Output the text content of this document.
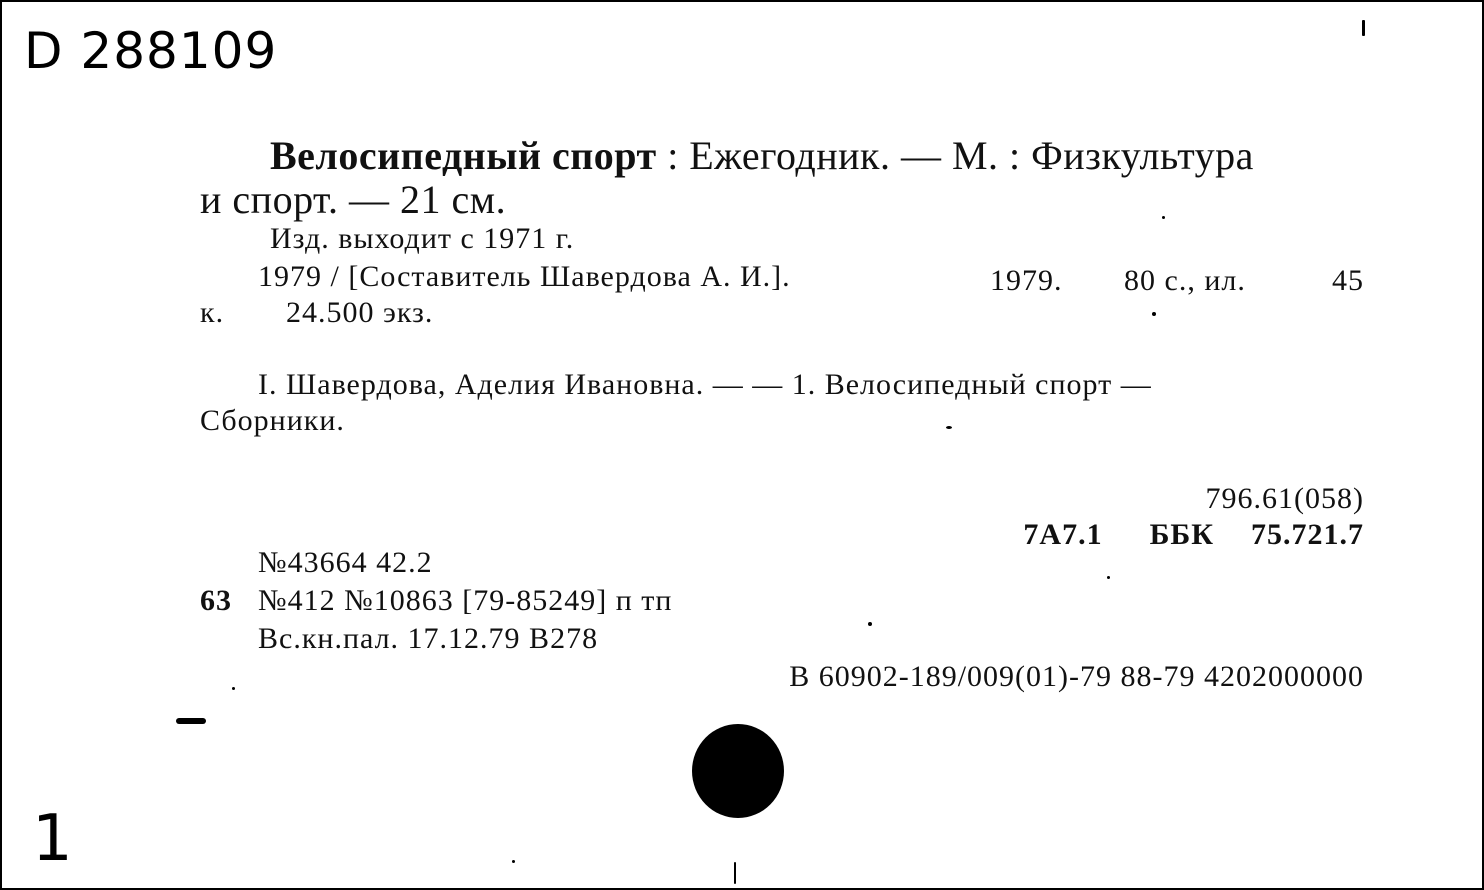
D 288109
Велосипедный спорт : Ежегодник. — М. : Физкультура
и спорт. — 21 см.
Изд. выходит с 1971 г.
1979 / [Составитель Шавердова А. И.].	1979. 80 с., ил.	45
к. 24.500 экз.
I. Шавердова, Аделия Ивановна. — — 1. Велосипедный спорт —
Сборники.
796.61(058)
7А7.1 ББК 75.721.7
№43664 42.2
63 №412 №10863 [79-85249] п тп
Вс.кн.пал. 17.12.79 В278
В 60902-189/009(01)-79 88-79 4202000000
1
